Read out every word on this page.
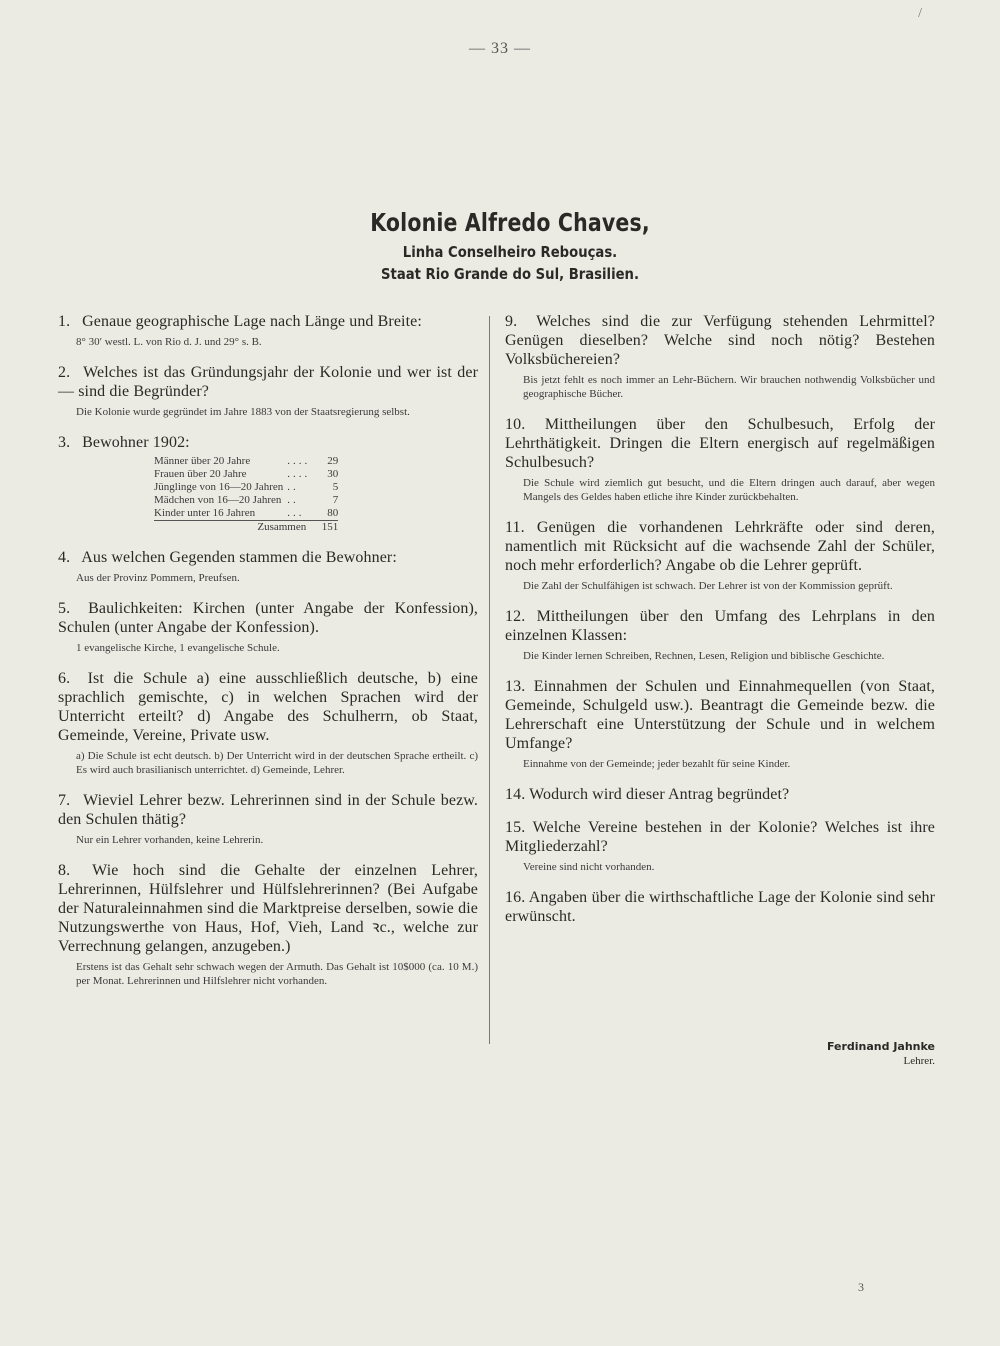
/
— 33 —
Kolonie Alfredo Chaves,
Linha Conselheiro Rebouças.
Staat Rio Grande do Sul, Brasilien.

1. Genaue geographische Lage nach Länge und Breite:

8° 30′ westl. L. von Rio d. J. und 29° s. B.

2. Welches ist das Gründungsjahr der Kolonie und wer ist der — sind die Begründer?

Die Kolonie wurde gegründet im Jahre 1883 von der Staatsregierung selbst.

3. Bewohner 1902:

Männer über 20 Jahre	....	29
Frauen über 20 Jahre	....	30
Jünglinge von 16—20 Jahren	..	5
Mädchen von 16—20 Jahren	..	7
Kinder unter 16 Jahren	...	80
Zusammen		151

4. Aus welchen Gegenden stammen die Bewohner:

Aus der Provinz Pommern, Preufsen.

5. Baulichkeiten: Kirchen (unter Angabe der Konfession), Schulen (unter Angabe der Konfession).

1 evangelische Kirche, 1 evangelische Schule.

6. Ist die Schule a) eine ausschließlich deutsche, b) eine sprachlich gemischte, c) in welchen Sprachen wird der Unterricht erteilt? d) Angabe des Schulherrn, ob Staat, Gemeinde, Vereine, Private usw.

a) Die Schule ist echt deutsch. b) Der Unterricht wird in der deutschen Sprache ertheilt. c) Es wird auch brasilianisch unterrichtet. d) Gemeinde, Lehrer.

7. Wieviel Lehrer bezw. Lehrerinnen sind in der Schule bezw. den Schulen thätig?

Nur ein Lehrer vorhanden, keine Lehrerin.

8. Wie hoch sind die Gehalte der einzelnen Lehrer, Lehrerinnen, Hülfslehrer und Hülfslehrerinnen? (Bei Aufgabe der Naturaleinnahmen sind die Marktpreise derselben, sowie die Nutzungswerthe von Haus, Hof, Vieh, Land ꝛc., welche zur Verrechnung gelangen, anzugeben.)

Erstens ist das Gehalt sehr schwach wegen der Armuth. Das Gehalt ist 10$000 (ca. 10 M.) per Monat. Lehrerinnen und Hilfslehrer nicht vorhanden.

9. Welches sind die zur Verfügung stehenden Lehrmittel? Genügen dieselben? Welche sind noch nötig? Bestehen Volksbüchereien?

Bis jetzt fehlt es noch immer an Lehr-Büchern. Wir brauchen nothwendig Volksbücher und geographische Bücher.

10. Mittheilungen über den Schulbesuch, Erfolg der Lehrthätigkeit. Dringen die Eltern energisch auf regelmäßigen Schulbesuch?

Die Schule wird ziemlich gut besucht, und die Eltern dringen auch darauf, aber wegen Mangels des Geldes haben etliche ihre Kinder zurückbehalten.

11. Genügen die vorhandenen Lehrkräfte oder sind deren, namentlich mit Rücksicht auf die wachsende Zahl der Schüler, noch mehr erforderlich? Angabe ob die Lehrer geprüft.

Die Zahl der Schulfähigen ist schwach. Der Lehrer ist von der Kommission geprüft.

12. Mittheilungen über den Umfang des Lehrplans in den einzelnen Klassen:

Die Kinder lernen Schreiben, Rechnen, Lesen, Religion und biblische Geschichte.

13. Einnahmen der Schulen und Einnahmequellen (von Staat, Gemeinde, Schulgeld usw.). Beantragt die Gemeinde bezw. die Lehrerschaft eine Unterstützung der Schule und in welchem Umfange?

Einnahme von der Gemeinde; jeder bezahlt für seine Kinder.

14. Wodurch wird dieser Antrag begründet?

15. Welche Vereine bestehen in der Kolonie? Welches ist ihre Mitgliederzahl?

Vereine sind nicht vorhanden.

16. Angaben über die wirthschaftliche Lage der Kolonie sind sehr erwünscht.

Ferdinand Jahnke
Lehrer.
3
